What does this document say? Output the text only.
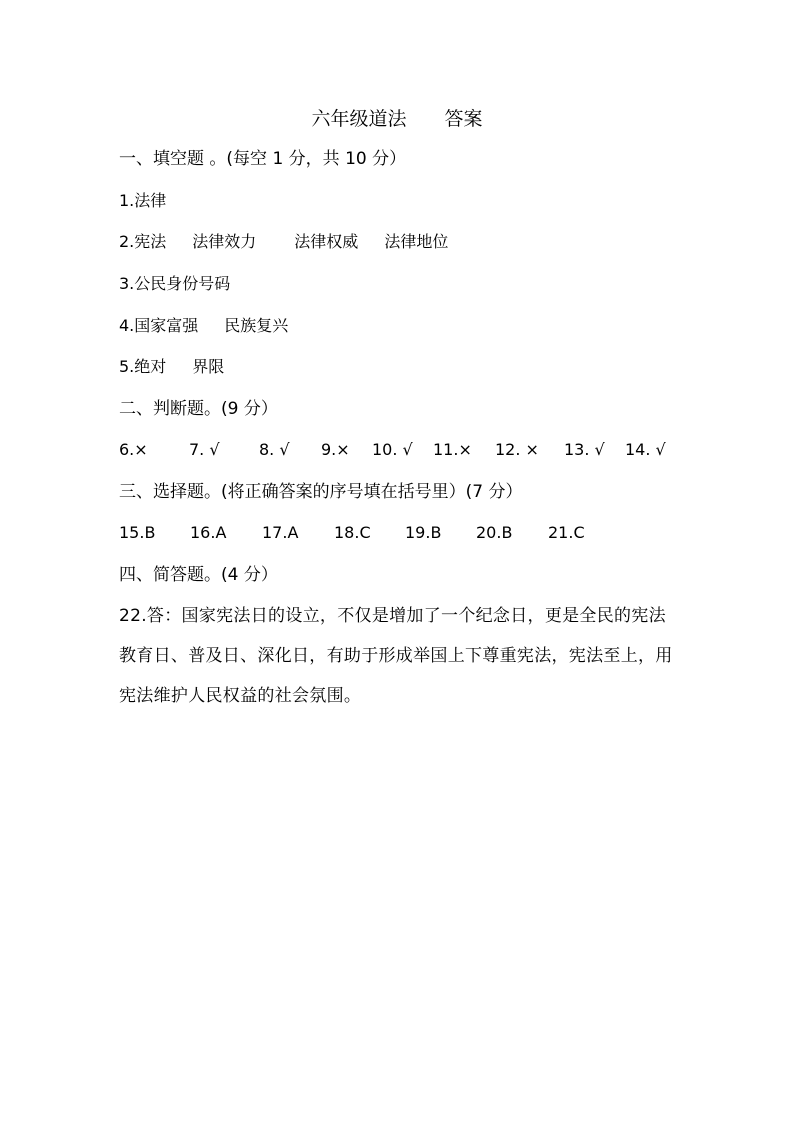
六年级道法　　答案
一、填空题 。(每空 1 分，共 10 分）
1.法律
2.宪法 法律效力 法律权威 法律地位
3.公民身份号码
4.国家富强 民族复兴
5.绝对 界限
二、判断题。(9 分）
6.×	7. √ 8. √ 9.× 10. √ 11.× 12. × 13. √ 14. √
三、选择题。(将正确答案的序号填在括号里）(7 分）
15.B 16.A 17.A 18.C 19.B 20.B 21.C
四、简答题。(4 分）
22.答：国家宪法日的设立，不仅是增加了一个纪念日，更是全民的宪法教育日、普及日、深化日，有助于形成举国上下尊重宪法，宪法至上，用宪法维护人民权益的社会氛围。
